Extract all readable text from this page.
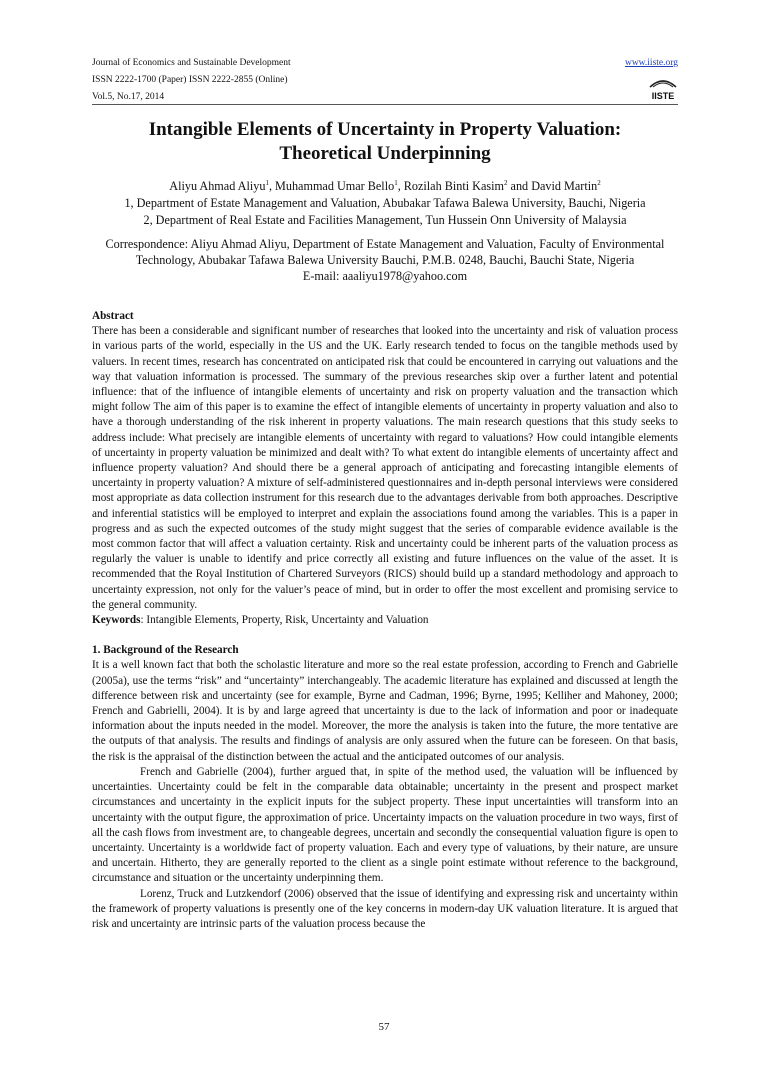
Journal of Economics and Sustainable Development
ISSN 2222-1700 (Paper) ISSN 2222-2855 (Online)
Vol.5, No.17, 2014
www.iiste.org
IISTE
Intangible Elements of Uncertainty in Property Valuation:
Theoretical Underpinning
Aliyu Ahmad Aliyu$^1$, Muhammad Umar Bello$^1$, Rozilah Binti Kasim$^2$ and David Martin$^2$
1, Department of Estate Management and Valuation, Abubakar Tafawa Balewa University, Bauchi, Nigeria
2, Department of Real Estate and Facilities Management, Tun Hussein Onn University of Malaysia
Correspondence: Aliyu Ahmad Aliyu, Department of Estate Management and Valuation, Faculty of Environmental Technology, Abubakar Tafawa Balewa University Bauchi, P.M.B. 0248, Bauchi, Bauchi State, Nigeria
E-mail: aaaliyu1978@yahoo.com
Abstract

There has been a considerable and significant number of researches that looked into the uncertainty and risk of valuation process in various parts of the world, especially in the US and the UK. Early research tended to focus on the tangible methods used by valuers. In recent times, research has concentrated on anticipated risk that could be encountered in carrying out valuations and the way that valuation information is processed. The summary of the previous researches skip over a further latent and potential influence: that of the influence of intangible elements of uncertainty and risk on property valuation and the transaction which might follow The aim of this paper is to examine the effect of intangible elements of uncertainty in property valuation and also to have a thorough understanding of the risk inherent in property valuations. The main research questions that this study seeks to address include: What precisely are intangible elements of uncertainty with regard to valuations? How could intangible elements of uncertainty in property valuation be minimized and dealt with? To what extent do intangible elements of uncertainty affect and influence property valuation? And should there be a general approach of anticipating and forecasting intangible elements of uncertainty in property valuation? A mixture of self-administered questionnaires and in-depth personal interviews were considered most appropriate as data collection instrument for this research due to the advantages derivable from both approaches. Descriptive and inferential statistics will be employed to interpret and explain the associations found among the variables. This is a paper in progress and as such the expected outcomes of the study might suggest that the series of comparable evidence available is the most common factor that will affect a valuation certainty. Risk and uncertainty could be inherent parts of the valuation process as regularly the valuer is unable to identify and price correctly all existing and future influences on the value of the asset. It is recommended that the Royal Institution of Chartered Surveyors (RICS) should build up a standard methodology and approach to uncertainty expression, not only for the valuer’s peace of mind, but in order to offer the most excellent and promising service to the general community.

Keywords: Intangible Elements, Property, Risk, Uncertainty and Valuation

1. Background of the Research

It is a well known fact that both the scholastic literature and more so the real estate profession, according to French and Gabrielle (2005a), use the terms “risk” and “uncertainty” interchangeably. The academic literature has explained and discussed at length the difference between risk and uncertainty (see for example, Byrne and Cadman, 1996; Byrne, 1995; Kelliher and Mahoney, 2000; French and Gabrielli, 2004). It is by and large agreed that uncertainty is due to the lack of information and poor or inadequate information about the inputs needed in the model. Moreover, the more the analysis is taken into the future, the more tentative are the outputs of that analysis. The results and findings of analysis are only assured when the future can be foreseen. On that basis, the risk is the appraisal of the distinction between the actual and the anticipated outcomes of our analysis.

French and Gabrielle (2004), further argued that, in spite of the method used, the valuation will be influenced by uncertainties. Uncertainty could be felt in the comparable data obtainable; uncertainty in the present and prospect market circumstances and uncertainty in the explicit inputs for the subject property. These input uncertainties will transform into an uncertainty with the output figure, the approximation of price. Uncertainty impacts on the valuation procedure in two ways, first of all the cash flows from investment are, to changeable degrees, uncertain and secondly the consequential valuation figure is open to uncertainty. Uncertainty is a worldwide fact of property valuation. Each and every type of valuations, by their nature, are unsure and uncertain. Hitherto, they are generally reported to the client as a single point estimate without reference to the background, circumstance and situation or the uncertainty underpinning them.

Lorenz, Truck and Lutzkendorf (2006) observed that the issue of identifying and expressing risk and uncertainty within the framework of property valuations is presently one of the key concerns in modern-day UK valuation literature. It is argued that risk and uncertainty are intrinsic parts of the valuation process because the

57
